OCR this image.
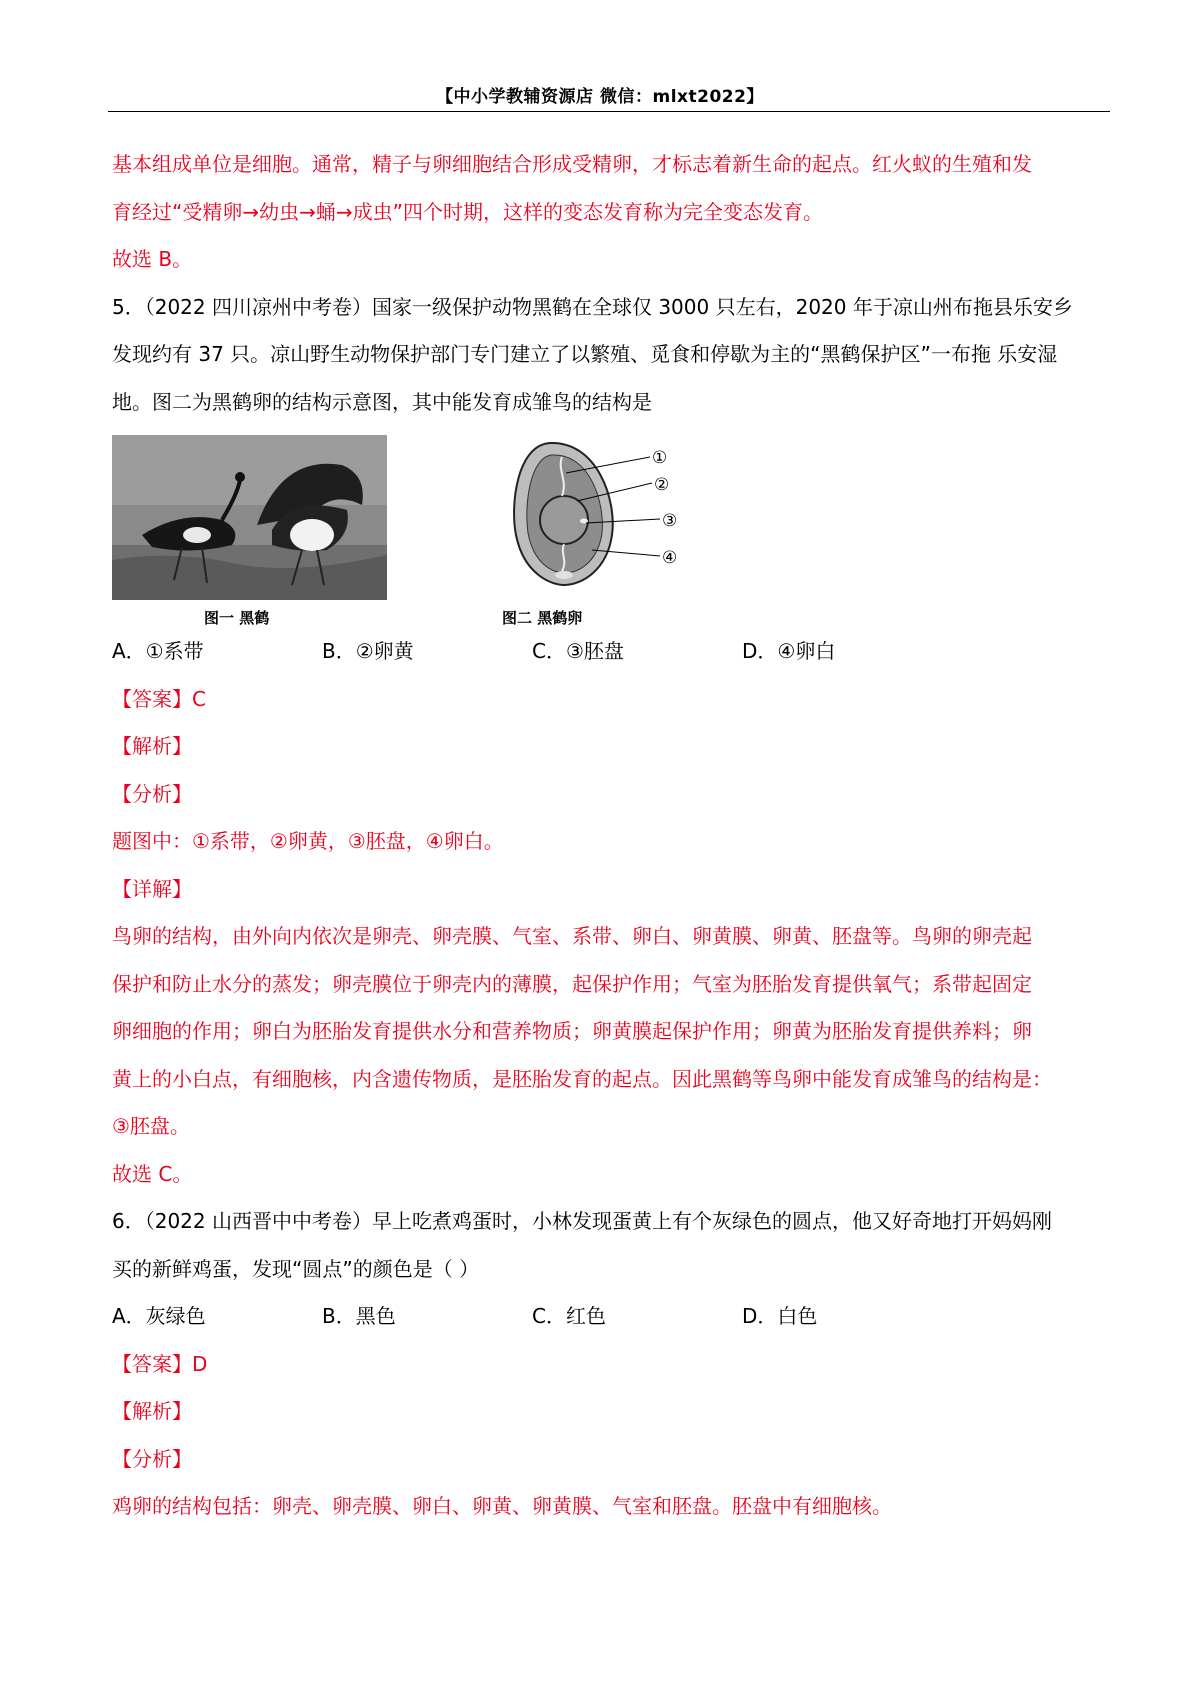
【中小学教辅资源店 微信：mlxt2022】
基本组成单位是细胞。通常，精子与卵细胞结合形成受精卵，才标志着新生命的起点。红火蚁的生殖和发
育经过“受精卵→幼虫→蛹→成虫”四个时期，这样的变态发育称为完全变态发育。
故选 B。
5．（2022 四川凉州中考卷）国家一级保护动物黑鹤在全球仅 3000 只左右，2020 年于凉山州布拖县乐安乡
发现约有 37 只。凉山野生动物保护部门专门建立了以繁殖、觅食和停歇为主的“黑鹤保护区”一布拖 乐安湿
地。图二为黑鹤卵的结构示意图，其中能发育成雏鸟的结构是
图一 黑鹤
①
②
③
④
图二 黑鹤卵
A．①系带	B．②卵黄	C．③胚盘	D．④卵白
【答案】C
【解析】
【分析】
题图中：①系带，②卵黄，③胚盘，④卵白。
【详解】
鸟卵的结构，由外向内依次是卵壳、卵壳膜、气室、系带、卵白、卵黄膜、卵黄、胚盘等。鸟卵的卵壳起
保护和防止水分的蒸发；卵壳膜位于卵壳内的薄膜，起保护作用；气室为胚胎发育提供氧气；系带起固定
卵细胞的作用；卵白为胚胎发育提供水分和营养物质；卵黄膜起保护作用；卵黄为胚胎发育提供养料；卵
黄上的小白点，有细胞核，内含遗传物质，是胚胎发育的起点。因此黑鹤等鸟卵中能发育成雏鸟的结构是：
③胚盘。
故选 C。
6．（2022 山西晋中中考卷）早上吃煮鸡蛋时，小林发现蛋黄上有个灰绿色的圆点，他又好奇地打开妈妈刚
买的新鲜鸡蛋，发现“圆点”的颜色是（ ）
A．灰绿色	B．黑色	C．红色	D．白色
【答案】D
【解析】
【分析】
鸡卵的结构包括：卵壳、卵壳膜、卵白、卵黄、卵黄膜、气室和胚盘。胚盘中有细胞核。
